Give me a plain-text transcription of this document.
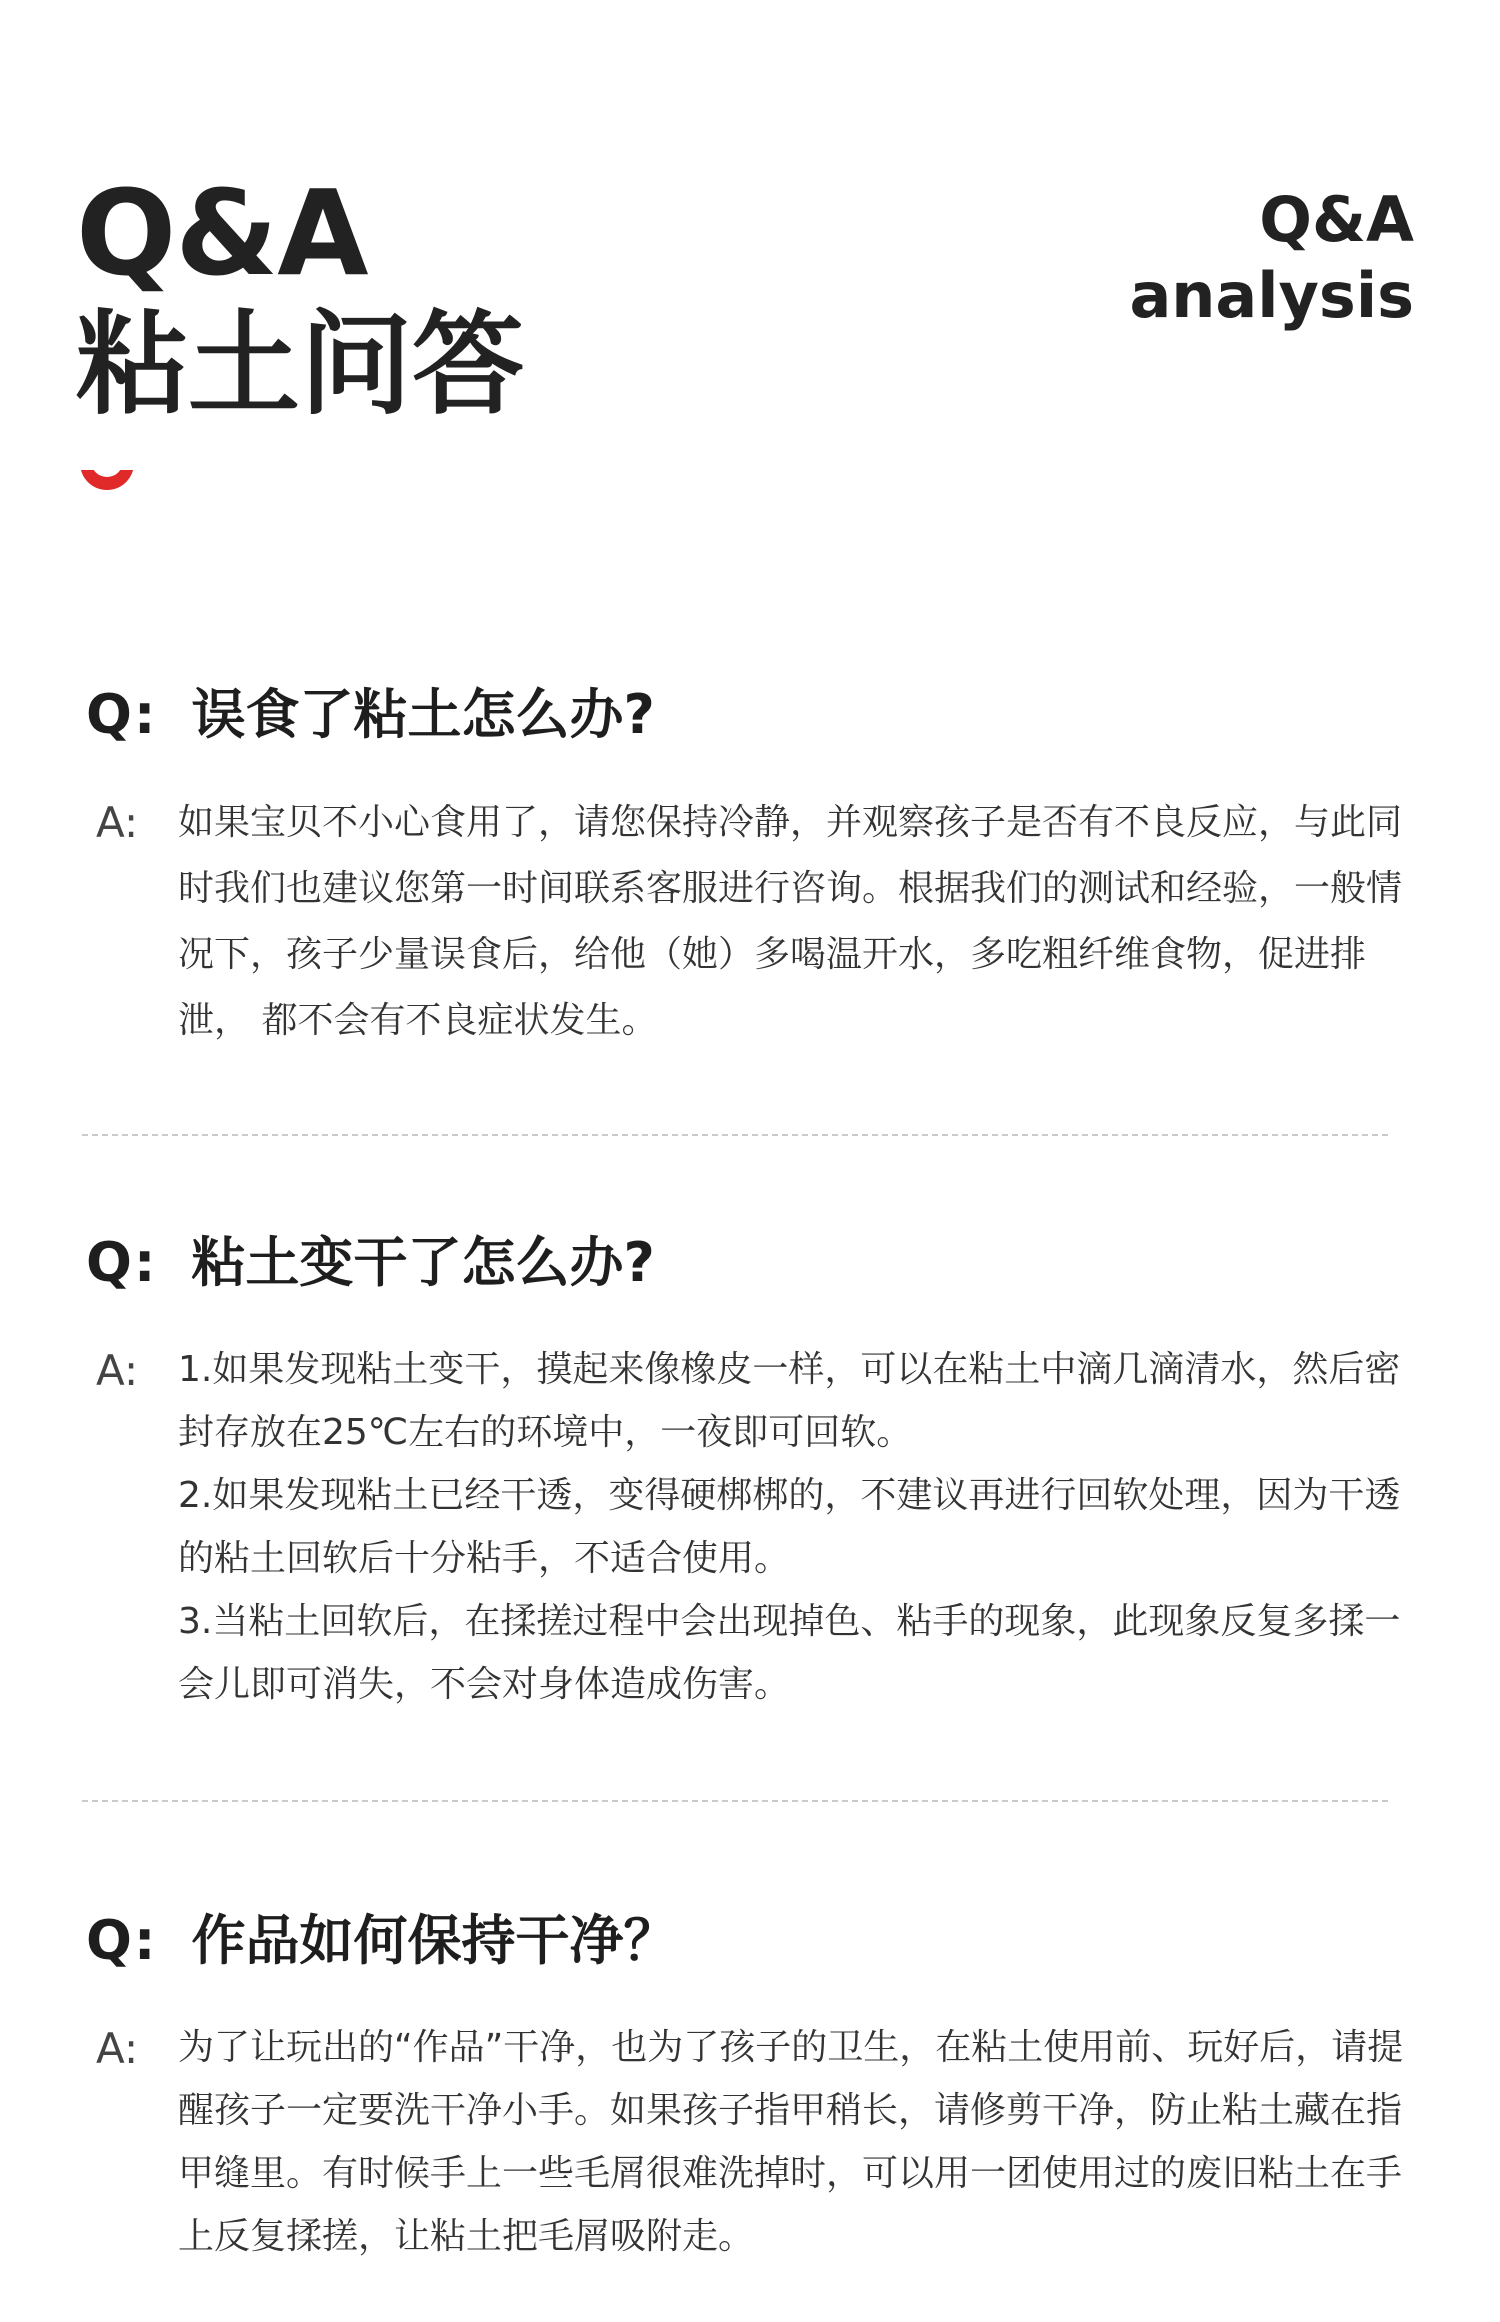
Q&A
粘土问答
Q&A
analysis
Q: 误食了粘土怎么办?
A:	如果宝贝不小心食用了，请您保持冷静，并观察孩子是否有不良反应，与此同时我们也建议您第一时间联系客服进行咨询。根据我们的测试和经验，一般情况下，孩子少量误食后，给他（她）多喝温开水，多吃粗纤维食物，促进排泄， 都不会有不良症状发生。

Q: 粘土变干了怎么办?
A:	1.如果发现粘土变干，摸起来像橡皮一样，可以在粘土中滴几滴清水，然后密封存放在25℃左右的环境中，一夜即可回软。

2.如果发现粘土已经干透，变得硬梆梆的，不建议再进行回软处理，因为干透的粘土回软后十分粘手，不适合使用。

3.当粘土回软后，在揉搓过程中会出现掉色、粘手的现象，此现象反复多揉一会儿即可消失，不会对身体造成伤害。

Q: 作品如何保持干净？
A:	为了让玩出的“作品”干净，也为了孩子的卫生，在粘土使用前、玩好后，请提醒孩子一定要洗干净小手。如果孩子指甲稍长，请修剪干净，防止粘土藏在指甲缝里。有时候手上一些毛屑很难洗掉时，可以用一团使用过的废旧粘土在手上反复揉搓，让粘土把毛屑吸附走。
